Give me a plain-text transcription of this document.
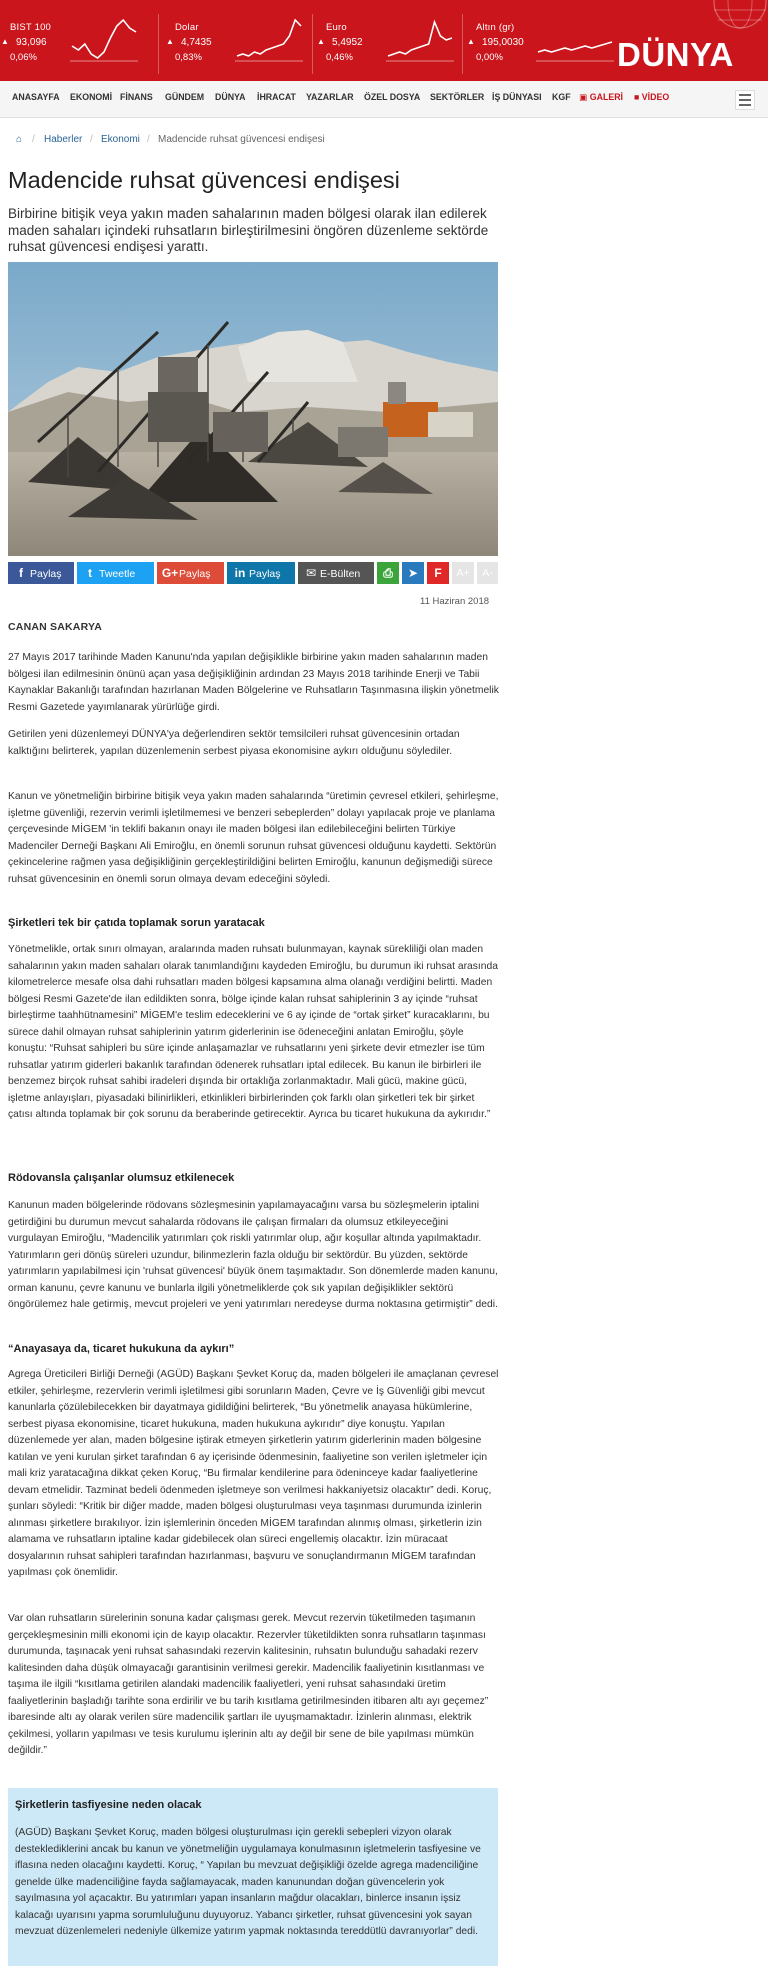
BIST 100
▲ 93,096
0,06%
Dolar
▲ 4,7435
0,83%
Euro
▲ 5,4952
0,46%
Altın (gr)
▲ 195,0030
0,00%	DÜNYA
ANASAYFA EKONOMİ FİNANS GÜNDEM DÜNYA İHRACAT YAZARLAR ÖZEL DOSYA SEKTÖRLER İŞ DÜNYASI KGF ▣ GALERİ ■ VİDEO
⌂ / Haberler / Ekonomi / Madencide ruhsat güvencesi endişesi
Madencide ruhsat güvencesi endişesi

Birbirine bitişik veya yakın maden sahalarının maden bölgesi olarak ilan edilerek maden sahaları içindeki ruhsatların birleştirilmesini öngören düzenleme sektörde ruhsat güvencesi endişesi yarattı.

f Paylaş	t Tweetle	G+Paylaş	in Paylaş	✉ E-Bülten	⎙	➤	F	A+	A-
11 Haziran 2018
CANAN SAKARYA

27 Mayıs 2017 tarihinde Maden Kanunu'nda yapılan değişiklikle birbirine yakın maden sahalarının maden bölgesi ilan edilmesinin önünü açan yasa değişikliğinin ardından 23 Mayıs 2018 tarihinde Enerji ve Tabii Kaynaklar Bakanlığı tarafından hazırlanan Maden Bölgelerine ve Ruhsatların Taşınmasına ilişkin yönetmelik Resmi Gazetede yayımlanarak yürürlüğe girdi.

Getirilen yeni düzenlemeyi DÜNYA'ya değerlendiren sektör temsilcileri ruhsat güvencesinin ortadan kalktığını belirterek, yapılan düzenlemenin serbest piyasa ekonomisine aykırı olduğunu söylediler.

Kanun ve yönetmeliğin birbirine bitişik veya yakın maden sahalarında “üretimin çevresel etkileri, şehirleşme, işletme güvenliği, rezervin verimli işletilmemesi ve benzeri sebeplerden” dolayı yapılacak proje ve planlama çerçevesinde MİGEM 'in teklifi bakanın onayı ile maden bölgesi ilan edilebileceğini belirten Türkiye Madenciler Derneği Başkanı Ali Emiroğlu, en önemli sorunun ruhsat güvencesi olduğunu kaydetti. Sektörün çekincelerine rağmen yasa değişikliğinin gerçekleştirildiğini belirten Emiroğlu, kanunun değişmediği sürece ruhsat güvencesinin en önemli sorun olmaya devam edeceğini söyledi.

Şirketleri tek bir çatıda toplamak sorun yaratacak

Yönetmelikle, ortak sınırı olmayan, aralarında maden ruhsatı bulunmayan, kaynak sürekliliği olan maden sahalarının yakın maden sahaları olarak tanımlandığını kaydeden Emiroğlu, bu durumun iki ruhsat arasında kilometrelerce mesafe olsa dahi ruhsatları maden bölgesi kapsamına alma olanağı verdiğini belirtti. Maden bölgesi Resmi Gazete'de ilan edildikten sonra, bölge içinde kalan ruhsat sahiplerinin 3 ay içinde “ruhsat birleştirme taahhütnamesini” MİGEM'e teslim edeceklerini ve 6 ay içinde de “ortak şirket” kuracaklarını, bu sürece dahil olmayan ruhsat sahiplerinin yatırım giderlerinin ise ödeneceğini anlatan Emiroğlu, şöyle konuştu: “Ruhsat sahipleri bu süre içinde anlaşamazlar ve ruhsatlarını yeni şirkete devir etmezler ise tüm ruhsatlar yatırım giderleri bakanlık tarafından ödenerek ruhsatları iptal edilecek. Bu kanun ile birbirleri ile benzemez birçok ruhsat sahibi iradeleri dışında bir ortaklığa zorlanmaktadır. Mali gücü, makine gücü, işletme anlayışları, piyasadaki bilinirlikleri, etkinlikleri birbirlerinden çok farklı olan şirketleri tek bir şirket çatısı altında toplamak bir çok sorunu da beraberinde getirecektir. Ayrıca bu ticaret hukukuna da aykırıdır.”

Rödovansla çalışanlar olumsuz etkilenecek

Kanunun maden bölgelerinde rödovans sözleşmesinin yapılamayacağını varsa bu sözleşmelerin iptalini getirdiğini bu durumun mevcut sahalarda rödovans ile çalışan firmaları da olumsuz etkileyeceğini vurgulayan Emiroğlu, “Madencilik yatırımları çok riskli yatırımlar olup, ağır koşullar altında yapılmaktadır. Yatırımların geri dönüş süreleri uzundur, bilinmezlerin fazla olduğu bir sektördür. Bu yüzden, sektörde yatırımların yapılabilmesi için 'ruhsat güvencesi' büyük önem taşımaktadır. Son dönemlerde maden kanunu, orman kanunu, çevre kanunu ve bunlarla ilgili yönetmeliklerde çok sık yapılan değişiklikler sektörü öngörülemez hale getirmiş, mevcut projeleri ve yeni yatırımları neredeyse durma noktasına getirmiştir” dedi.

“Anayasaya da, ticaret hukukuna da aykırı”

Agrega Üreticileri Birliği Derneği (AGÜD) Başkanı Şevket Koruç da, maden bölgeleri ile amaçlanan çevresel etkiler, şehirleşme, rezervlerin verimli işletilmesi gibi sorunların Maden, Çevre ve İş Güvenliği gibi mevcut kanunlarla çözülebilecekken bir dayatmaya gidildiğini belirterek, “Bu yönetmelik anayasa hükümlerine, serbest piyasa ekonomisine, ticaret hukukuna, maden hukukuna aykırıdır” diye konuştu. Yapılan düzenlemede yer alan, maden bölgesine iştirak etmeyen şirketlerin yatırım giderlerinin maden bölgesine katılan ve yeni kurulan şirket tarafından 6 ay içerisinde ödenmesinin, faaliyetine son verilen işletmeler için mali kriz yaratacağına dikkat çeken Koruç, “Bu firmalar kendilerine para ödeninceye kadar faaliyetlerine devam etmelidir. Tazminat bedeli ödenmeden işletmeye son verilmesi hakkaniyetsiz olacaktır” dedi. Koruç, şunları söyledi: “Kritik bir diğer madde, maden bölgesi oluşturulması veya taşınması durumunda izinlerin alınması şirketlere bırakılıyor. İzin işlemlerinin önceden MİGEM tarafından alınmış olması, şirketlerin izin alamama ve ruhsatların iptaline kadar gidebilecek olan süreci engellemiş olacaktır. İzin müracaat dosyalarının ruhsat sahipleri tarafından hazırlanması, başvuru ve sonuçlandırmanın MİGEM tarafından yapılması çok önemlidir.

Var olan ruhsatların sürelerinin sonuna kadar çalışması gerek. Mevcut rezervin tüketilmeden taşımanın gerçekleşmesinin milli ekonomi için de kayıp olacaktır. Rezervler tüketildikten sonra ruhsatların taşınması durumunda, taşınacak yeni ruhsat sahasındaki rezervin kalitesinin, ruhsatın bulunduğu sahadaki rezerv kalitesinden daha düşük olmayacağı garantisinin verilmesi gerekir. Madencilik faaliyetinin kısıtlanması ve taşıma ile ilgili “kısıtlama getirilen alandaki madencilik faaliyetleri, yeni ruhsat sahasındaki üretim faaliyetlerinin başladığı tarihte sona erdirilir ve bu tarih kısıtlama getirilmesinden itibaren altı ayı geçemez” ibaresinde altı ay olarak verilen süre madencilik şartları ile uyuşmamaktadır. İzinlerin alınması, elektrik çekilmesi, yolların yapılması ve tesis kurulumu işlerinin altı ay değil bir sene de bile yapılması mümkün değildir.”

Şirketlerin tasfiyesine neden olacak

(AGÜD) Başkanı Şevket Koruç, maden bölgesi oluşturulması için gerekli sebepleri vizyon olarak desteklediklerini ancak bu kanun ve yönetmeliğin uygulamaya konulmasının işletmelerin tasfiyesine ve iflasına neden olacağını kaydetti. Koruç, “ Yapılan bu mevzuat değişikliği özelde agrega madenciliğine genelde ülke madenciliğine fayda sağlamayacak, maden kanunundan doğan güvencelerin yok sayılmasına yol açacaktır. Bu yatırımları yapan insanların mağdur olacakları, binlerce insanın işsiz kalacağı uyarısını yapma sorumluluğunu duyuyoruz. Yabancı şirketler, ruhsat güvencesini yok sayan mevzuat düzenlemeleri nedeniyle ülkemize yatırım yapmak noktasında tereddütlü davranıyorlar” dedi.
